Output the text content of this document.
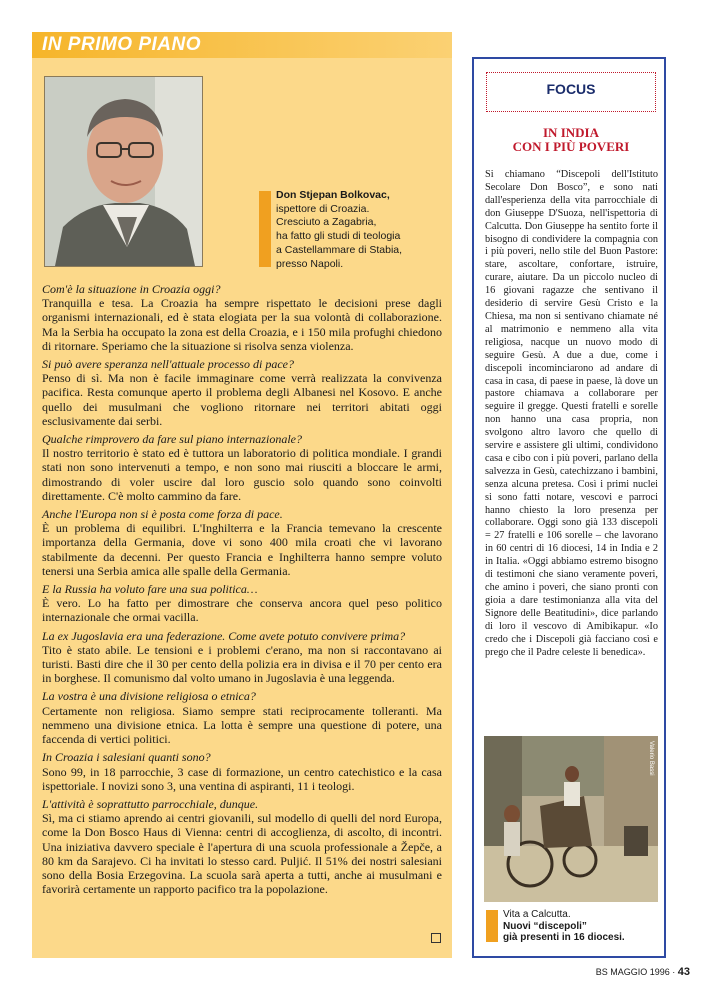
IN PRIMO PIANO
Don Stjepan Bolkovac,
ispettore di Croazia.
Cresciuto a Zagabria,
ha fatto gli studi di teologia
a Castellammare di Stabia,
presso Napoli.
Com'è la situazione in Croazia oggi?
Tranquilla e tesa. La Croazia ha sempre rispettato le decisioni prese dagli organismi internazionali, ed è stata elogiata per la sua volontà di collaborazione. Ma la Serbia ha occupato la zona est della Croazia, e i 150 mila profughi chiedono di ritornare. Speriamo che la situazione si risolva senza violenza.
Si può avere speranza nell'attuale processo di pace?
Penso di sì. Ma non è facile immaginare come verrà realizzata la convivenza pacifica. Resta comunque aperto il problema degli Albanesi nel Kosovo. E anche quello dei musulmani che vogliono ritornare nei territori abitati oggi esclusivamente dai serbi.
Qualche rimprovero da fare sul piano internazionale?
Il nostro territorio è stato ed è tuttora un laboratorio di politica mondiale. I grandi stati non sono intervenuti a tempo, e non sono mai riusciti a bloccare le armi, dimostrando di voler uscire dal loro guscio solo quando sono coinvolti direttamente. C'è molto cammino da fare.
Anche l'Europa non si è posta come forza di pace.
È un problema di equilibri. L'Inghilterra e la Francia temevano la crescente importanza della Germania, dove vi sono 400 mila croati che vi lavorano stabilmente da decenni. Per questo Francia e Inghilterra hanno sempre voluto tenersi una Serbia amica alle spalle della Germania.
E la Russia ha voluto fare una sua politica…
È vero. Lo ha fatto per dimostrare che conserva ancora quel peso politico internazionale che ormai vacilla.
La ex Jugoslavia era una federazione. Come avete potuto convivere prima?
Tito è stato abile. Le tensioni e i problemi c'erano, ma non si raccontavano ai turisti. Basti dire che il 30 per cento della polizia era in divisa e il 70 per cento era in borghese. Il comunismo dal volto umano in Jugoslavia è una leggenda.
La vostra è una divisione religiosa o etnica?
Certamente non religiosa. Siamo sempre stati reciprocamente tolleranti. Ma nemmeno una divisione etnica. La lotta è sempre una questione di potere, una faccenda di vertici politici.
In Croazia i salesiani quanti sono?
Sono 99, in 18 parrocchie, 3 case di formazione, un centro catechistico e la casa ispettoriale. I novizi sono 3, una ventina di aspiranti, 11 i teologi.
L'attività è soprattutto parrocchiale, dunque.
Sì, ma ci stiamo aprendo ai centri giovanili, sul modello di quelli del nord Europa, come la Don Bosco Haus di Vienna: centri di accoglienza, di ascolto, di incontri. Una iniziativa davvero speciale è l'apertura di una scuola professionale a Žepče, a 80 km da Sarajevo. Ci ha invitati lo stesso card. Puljić. Il 51% dei nostri salesiani sono della Bosia Erzegovina. La scuola sarà aperta a tutti, anche ai musulmani e favorirà certamente un rapporto pacifico tra la popolazione.
FOCUS
IN INDIA
CON I PIÙ POVERI
Si chiamano “Discepoli dell'Istituto Secolare Don Bosco”, e sono nati dall'esperienza della vita parrocchiale di don Giuseppe D'Suoza, nell'ispettoria di Calcutta. Don Giuseppe ha sentito forte il bisogno di condividere la compagnia con i più poveri, nello stile del Buon Pastore: stare, ascoltare, confortare, istruire, curare, aiutare. Da un piccolo nucleo di 16 giovani ragazze che sentivano il desiderio di servire Gesù Cristo e la Chiesa, ma non si sentivano chiamate né al matrimonio e nemmeno alla vita religiosa, nacque un nuovo modo di seguire Gesù. A due a due, come i discepoli incominciarono ad andare di casa in casa, di paese in paese, là dove un pastore chiamava a collaborare per seguire il gregge. Questi fratelli e sorelle non hanno una casa propria, non svolgono altro lavoro che quello di servire e assistere gli ultimi, condividono casa e cibo con i più poveri, parlano della salvezza in Gesù, catechizzano i bambini, senza alcuna pretesa. Così i primi nuclei si sono fatti notare, vescovi e parroci hanno chiesto la loro presenza per collaborare. Oggi sono già 133 discepoli = 27 fratelli e 106 sorelle – che lavorano in 60 centri di 16 diocesi, 14 in India e 2 in Italia. «Oggi abbiamo estremo bisogno di testimoni che siano veramente poveri, che amino i poveri, che siano pronti con gioia a dare testimonianza alla vita del Signore delle Beatitudini», dice parlando di loro il vescovo di Amibikapur. «Io credo che i Discepoli già facciano così e prego che il Padre celeste li benedica».
Valerio Bassi
Vita a Calcutta.
Nuovi “discepoli”
già presenti in 16 diocesi.
BS MAGGIO 1996 · 43
